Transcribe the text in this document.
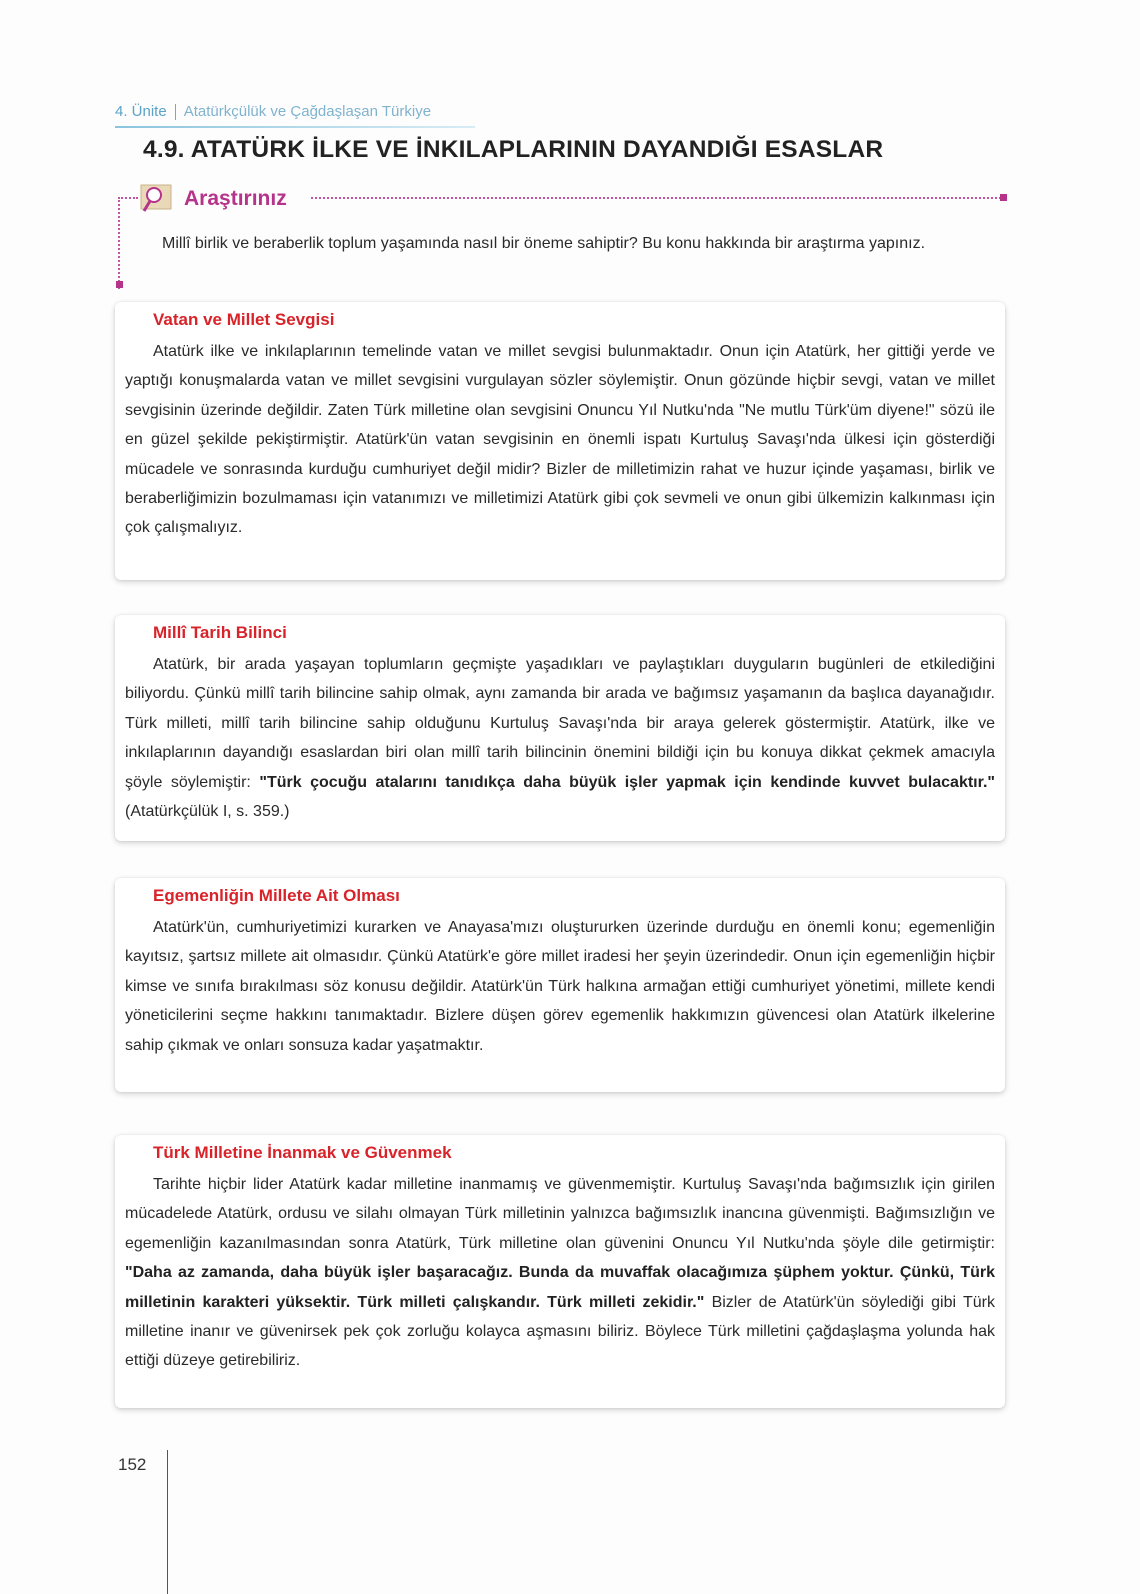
4. Ünite Atatürkçülük ve Çağdaşlaşan Türkiye
4.9. ATATÜRK İLKE VE İNKILAPLARININ DAYANDIĞI ESASLAR
Araştırınız
Millî birlik ve beraberlik toplum yaşamında nasıl bir öneme sahiptir? Bu konu hakkında bir araştırma yapınız.
Vatan ve Millet Sevgisi

Atatürk ilke ve inkılaplarının temelinde vatan ve millet sevgisi bulunmaktadır. Onun için Atatürk, her gittiği yerde ve yaptığı konuşmalarda vatan ve millet sevgisini vurgulayan sözler söylemiştir. Onun gözünde hiçbir sevgi, vatan ve millet sevgisinin üzerinde değildir. Zaten Türk milletine olan sevgisini Onuncu Yıl Nutku'nda "Ne mutlu Türk'üm diyene!" sözü ile en güzel şekilde pekiştirmiştir. Atatürk'ün vatan sevgisinin en önemli ispatı Kurtuluş Savaşı'nda ülkesi için gösterdiği mücadele ve sonrasında kurduğu cumhuriyet değil midir? Bizler de milletimizin rahat ve huzur içinde yaşaması, birlik ve beraberliğimizin bozulmaması için vatanımızı ve milletimizi Atatürk gibi çok sevmeli ve onun gibi ülkemizin kalkınması için çok çalışmalıyız.

Millî Tarih Bilinci

Atatürk, bir arada yaşayan toplumların geçmişte yaşadıkları ve paylaştıkları duyguların bugünleri de etkilediğini biliyordu. Çünkü millî tarih bilincine sahip olmak, aynı zamanda bir arada ve bağımsız yaşamanın da başlıca dayanağıdır. Türk milleti, millî tarih bilincine sahip olduğunu Kurtuluş Savaşı'nda bir araya gelerek göstermiştir. Atatürk, ilke ve inkılaplarının dayandığı esaslardan biri olan millî tarih bilincinin önemini bildiği için bu konuya dikkat çekmek amacıyla şöyle söylemiştir: "Türk çocuğu atalarını tanıdıkça daha büyük işler yapmak için kendinde kuvvet bulacaktır." (Atatürkçülük I, s. 359.)

Egemenliğin Millete Ait Olması

Atatürk'ün, cumhuriyetimizi kurarken ve Anayasa'mızı oluştururken üzerinde durduğu en önemli konu; egemenliğin kayıtsız, şartsız millete ait olmasıdır. Çünkü Atatürk'e göre millet iradesi her şeyin üzerindedir. Onun için egemenliğin hiçbir kimse ve sınıfa bırakılması söz konusu değildir. Atatürk'ün Türk halkına armağan ettiği cumhuriyet yönetimi, millete kendi yöneticilerini seçme hakkını tanımaktadır. Bizlere düşen görev egemenlik hakkımızın güvencesi olan Atatürk ilkelerine sahip çıkmak ve onları sonsuza kadar yaşatmaktır.

Türk Milletine İnanmak ve Güvenmek

Tarihte hiçbir lider Atatürk kadar milletine inanmamış ve güvenmemiştir. Kurtuluş Savaşı'nda bağımsızlık için girilen mücadelede Atatürk, ordusu ve silahı olmayan Türk milletinin yalnızca bağımsızlık inancına güvenmişti. Bağımsızlığın ve egemenliğin kazanılmasından sonra Atatürk, Türk milletine olan güvenini Onuncu Yıl Nutku'nda şöyle dile getirmiştir: "Daha az zamanda, daha büyük işler başaracağız. Bunda da muvaffak olacağımıza şüphem yoktur. Çünkü, Türk milletinin karakteri yüksektir. Türk milleti çalışkandır. Türk milleti zekidir." Bizler de Atatürk'ün söylediği gibi Türk milletine inanır ve güvenirsek pek çok zorluğu kolayca aşmasını biliriz. Böylece Türk milletini çağdaşlaşma yolunda hak ettiği düzeye getirebiliriz.

152
